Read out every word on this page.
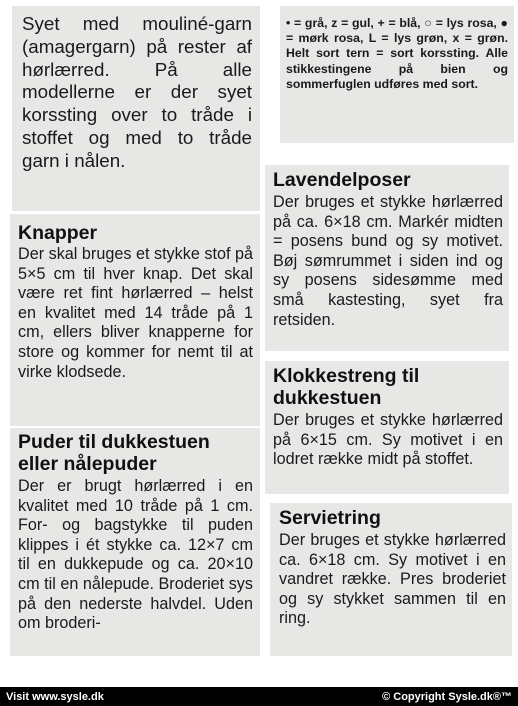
Syet med mouliné-garn (amagergarn) på rester af hørlærred. På alle modellerne er der syet korssting over to tråde i stoffet og med to tråde garn i nålen.

• = grå, z = gul, + = blå, ○ = lys rosa, ● = mørk rosa, L = lys grøn, x = grøn. Helt sort tern = sort korssting. Alle stikkestingene på bien og sommerfuglen udføres med sort.

Knapper

Der skal bruges et stykke stof på 5×5 cm til hver knap. Det skal være ret fint hørlærred – helst en kvalitet med 14 tråde på 1 cm, ellers bliver knapperne for store og kommer for nemt til at virke klodsede.

Puder til dukkestuen eller nålepuder

Der er brugt hørlærred i en kvalitet med 10 tråde på 1 cm. For- og bagstykke til puden klippes i ét stykke ca. 12×7 cm til en dukkepude og ca. 20×10 cm til en nålepude. Broderiet sys på den nederste halvdel. Uden om broderi-

Lavendelposer

Der bruges et stykke hørlærred på ca. 6×18 cm. Markér midten = posens bund og sy motivet. Bøj sømrummet i siden ind og sy posens sidesømme med små kastesting, syet fra retsiden.

Klokkestreng til dukkestuen

Der bruges et stykke hørlærred på 6×15 cm. Sy motivet i en lodret række midt på stoffet.

Servietring

Der bruges et stykke hørlærred ca. 6×18 cm. Sy motivet i en vandret række. Pres broderiet og sy stykket sammen til en ring.

Visit www.sysle.dk	© Copyright Sysle.dk®™
